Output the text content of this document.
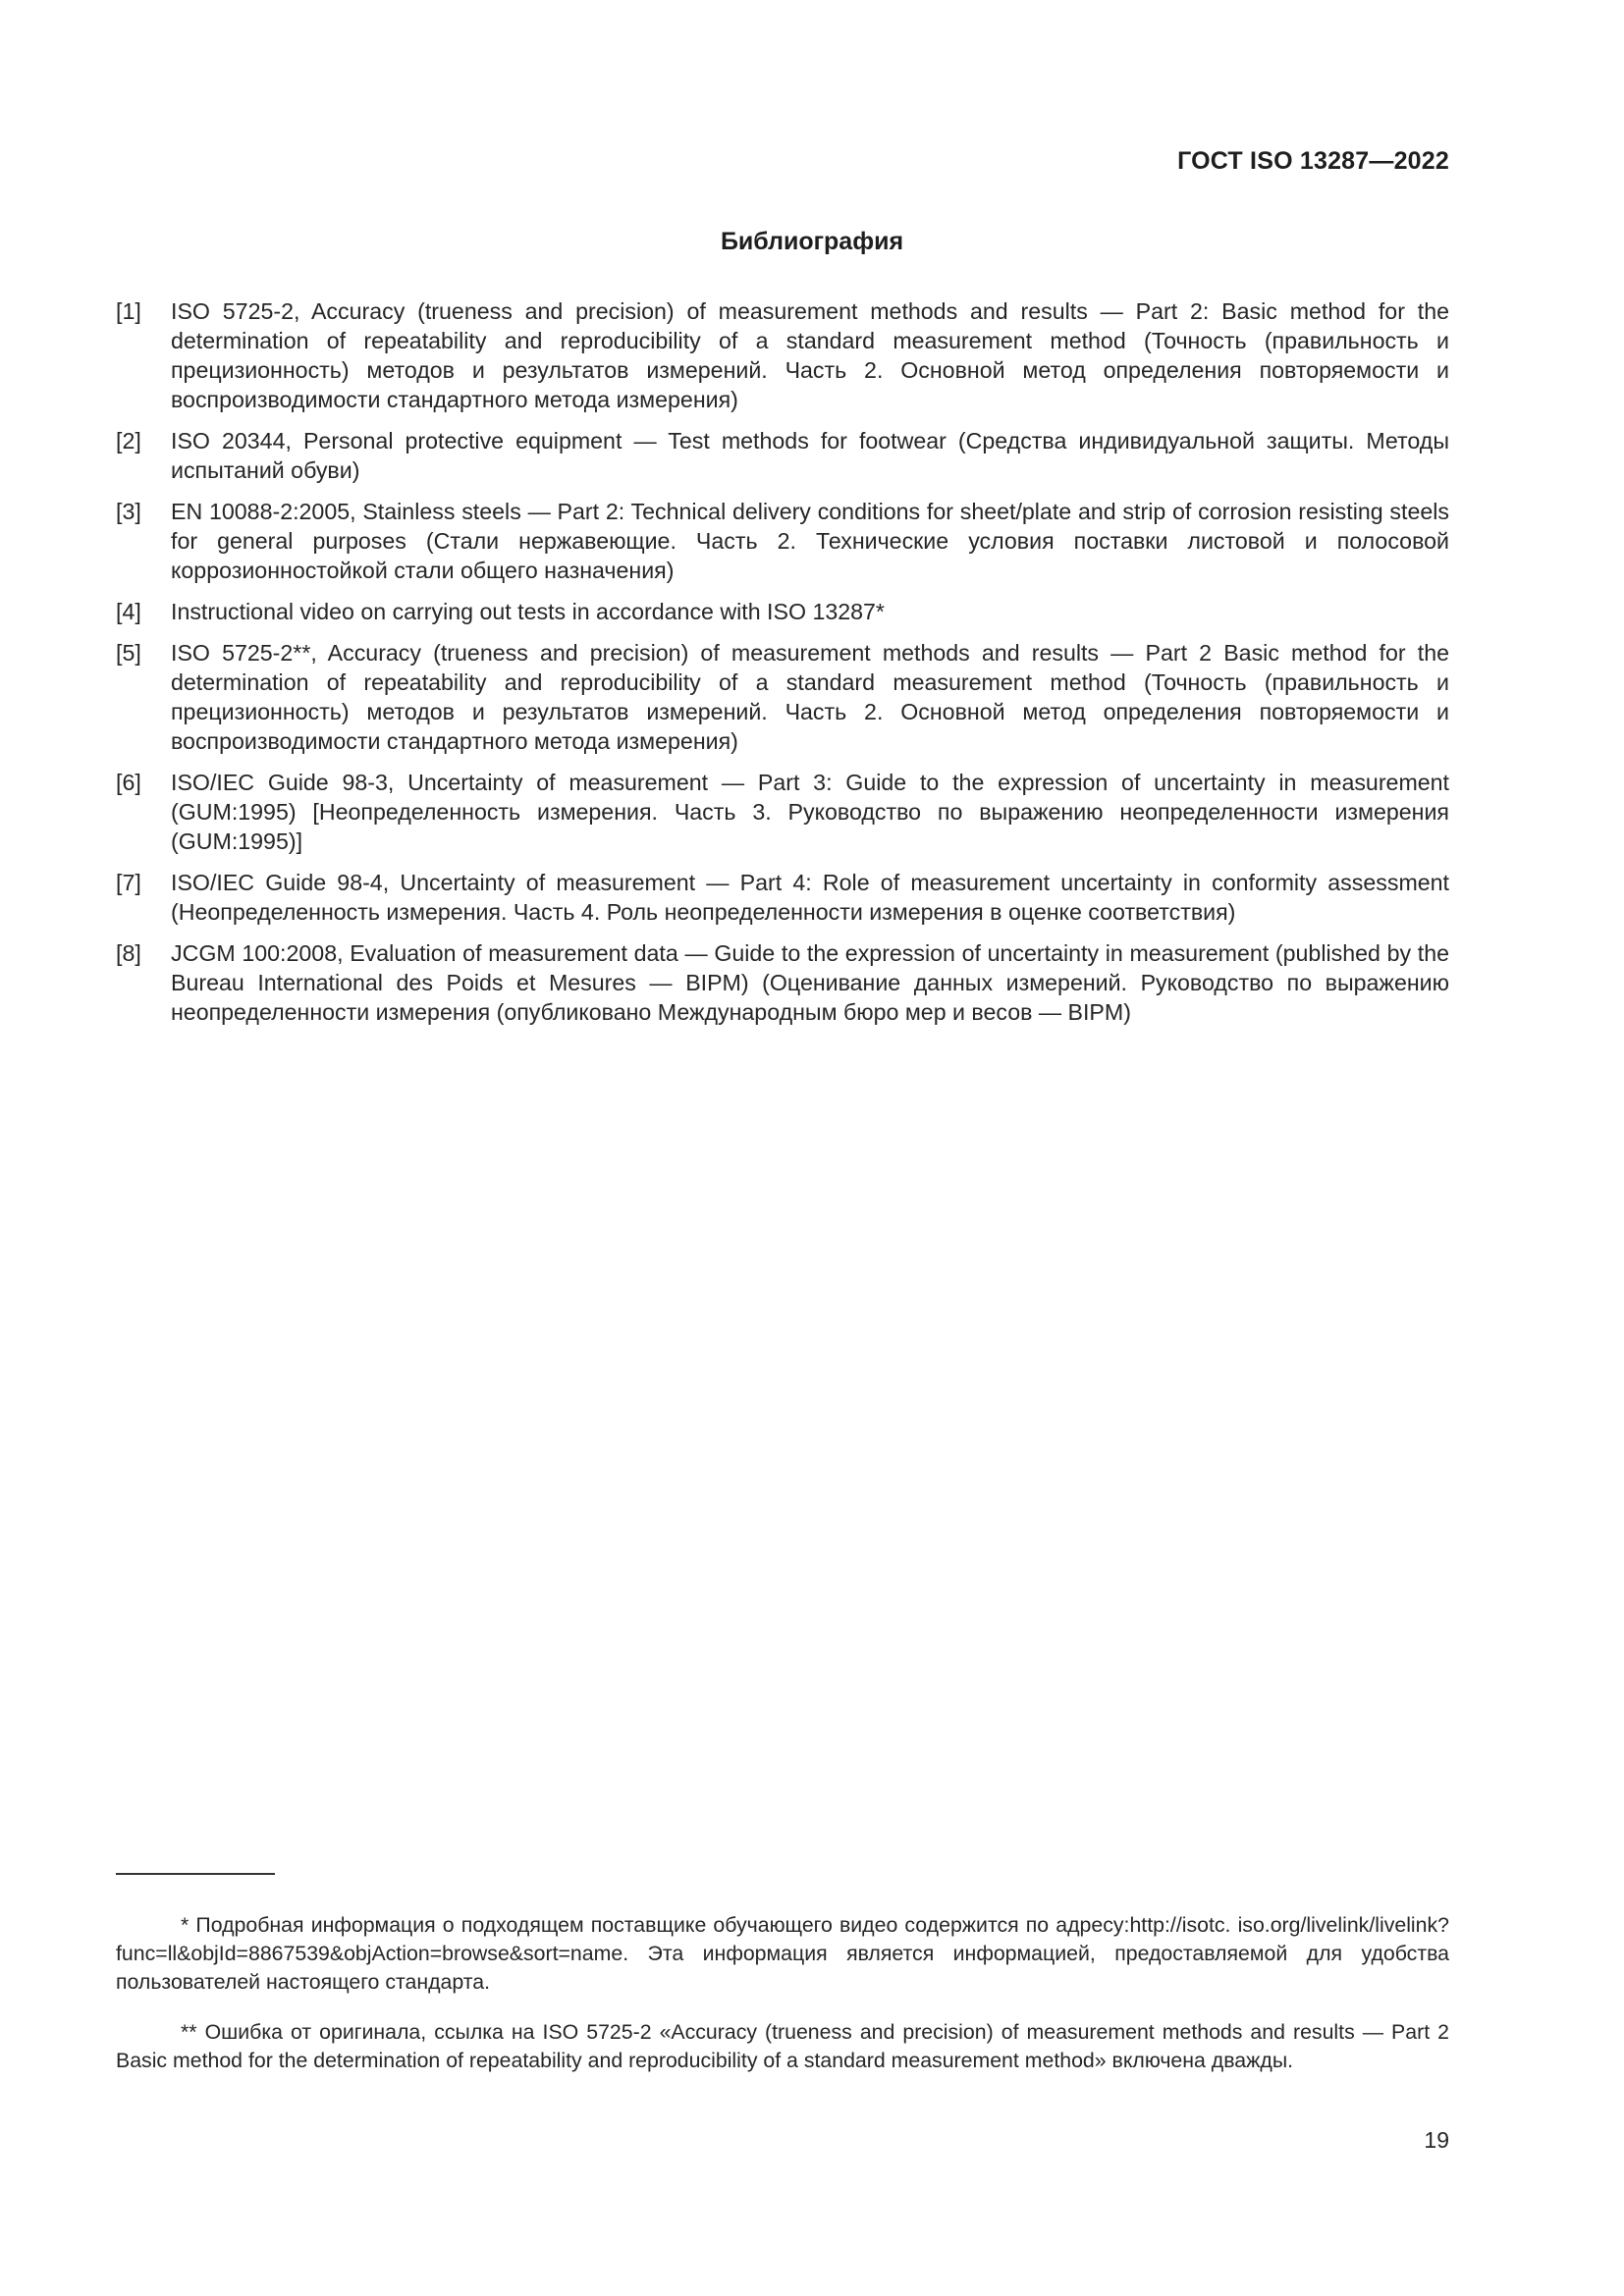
ГОСТ ISO 13287—2022
Библиография
[1]	ISO 5725-2, Accuracy (trueness and precision) of measurement methods and results — Part 2: Basic method for the determination of repeatability and reproducibility of a standard measurement method (Точность (правильность и прецизионность) методов и результатов измерений. Часть 2. Основной метод определения повторяемости и воспроизводимости стандартного метода измерения)
[2]	ISO 20344, Personal protective equipment — Test methods for footwear (Средства индивидуальной защиты. Методы испытаний обуви)
[3]	EN 10088-2:2005, Stainless steels — Part 2: Technical delivery conditions for sheet/plate and strip of corrosion resisting steels for general purposes (Стали нержавеющие. Часть 2. Технические условия поставки листовой и полосовой коррозионностойкой стали общего назначения)
[4]	Instructional video on carrying out tests in accordance with ISO 13287*
[5]	ISO 5725-2**, Accuracy (trueness and precision) of measurement methods and results — Part 2 Basic method for the determination of repeatability and reproducibility of a standard measurement method (Точность (правильность и прецизионность) методов и результатов измерений. Часть 2. Основной метод определения повторяемости и воспроизводимости стандартного метода измерения)
[6]	ISO/IEC Guide 98-3, Uncertainty of measurement — Part 3: Guide to the expression of uncertainty in measurement (GUM:1995) [Неопределенность измерения. Часть 3. Руководство по выражению неопределенности измерения (GUM:1995)]
[7]	ISO/IEC Guide 98-4, Uncertainty of measurement — Part 4: Role of measurement uncertainty in conformity assessment (Неопределенность измерения. Часть 4. Роль неопределенности измерения в оценке соответствия)
[8]	JCGM 100:2008, Evaluation of measurement data — Guide to the expression of uncertainty in measurement (published by the Bureau International des Poids et Mesures — BIPM) (Оценивание данных измерений. Руководство по выражению неопределенности измерения (опубликовано Международным бюро мер и весов — BIPM)

* Подробная информация о подходящем поставщике обучающего видео содержится по адресу:http://isotc. iso.org/livelink/livelink?func=ll&objId=8867539&objAction=browse&sort=name. Эта информация является информацией, предоставляемой для удобства пользователей настоящего стандарта.

** Ошибка от оригинала, ссылка на ISO 5725-2 «Accuracy (trueness and precision) of measurement methods and results — Part 2 Basic method for the determination of repeatability and reproducibility of a standard measurement method» включена дважды.

19
